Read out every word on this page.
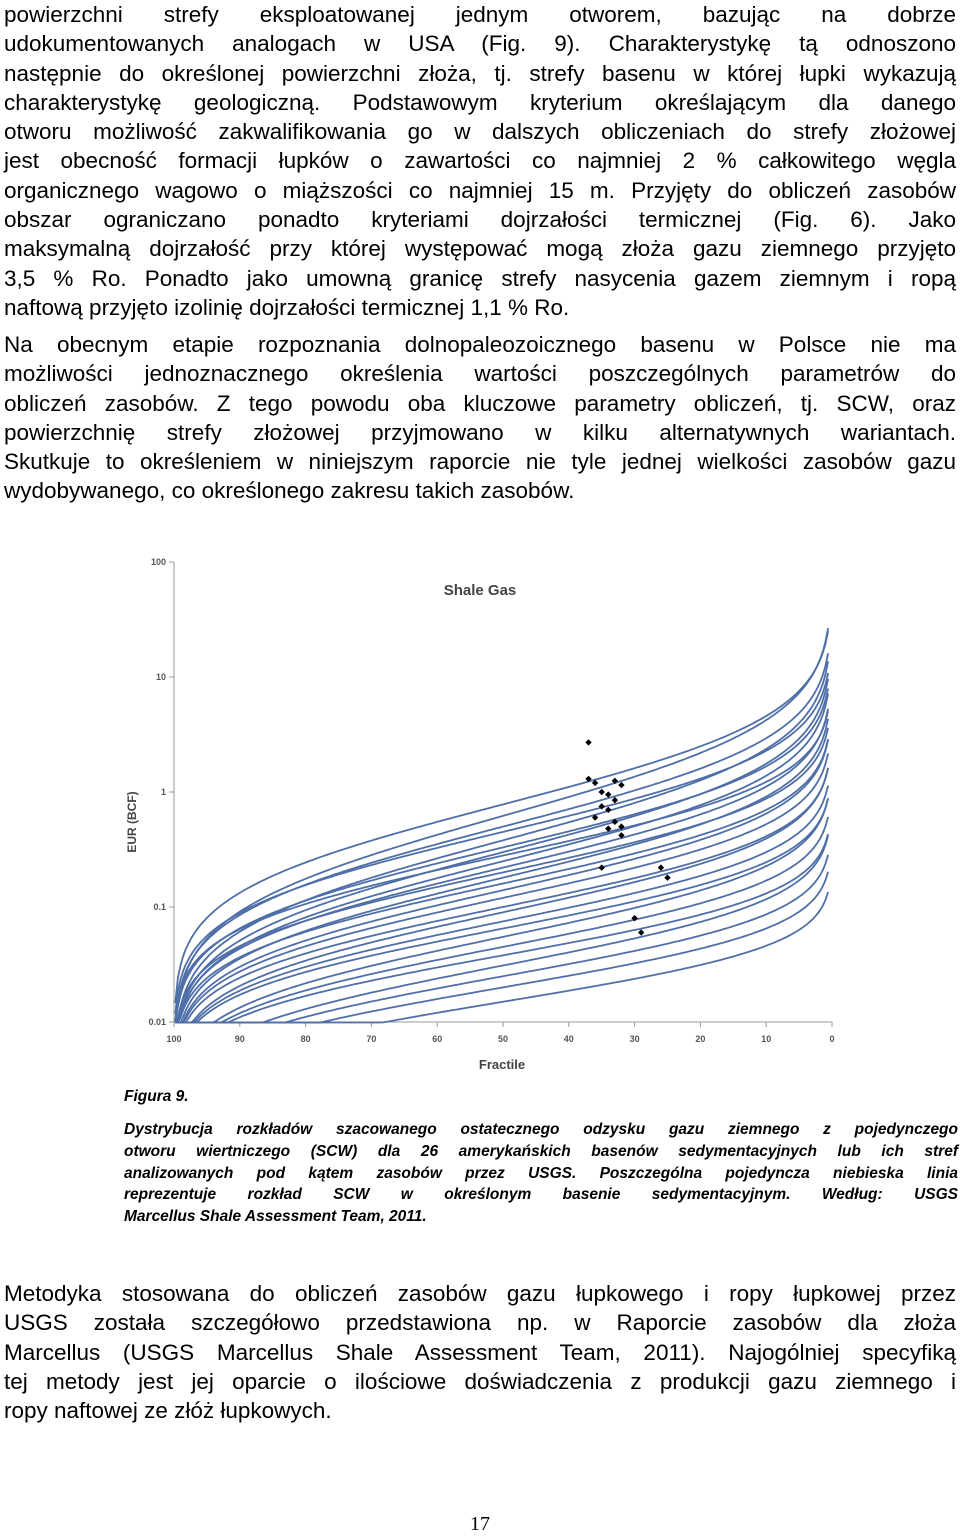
powierzchni strefy eksploatowanej jednym otworem, bazując na dobrze
udokumentowanych analogach w USA (Fig. 9). Charakterystykę tą odnoszono
następnie do określonej powierzchni złoża, tj. strefy basenu w której łupki wykazują
charakterystykę geologiczną. Podstawowym kryterium określającym dla danego
otworu możliwość zakwalifikowania go w dalszych obliczeniach do strefy złożowej
jest obecność formacji łupków o zawartości co najmniej 2 % całkowitego węgla
organicznego wagowo o miąższości co najmniej 15 m. Przyjęty do obliczeń zasobów
obszar ograniczano ponadto kryteriami dojrzałości termicznej (Fig. 6). Jako
maksymalną dojrzałość przy której występować mogą złoża gazu ziemnego przyjęto
3,5 % Ro. Ponadto jako umowną granicę strefy nasycenia gazem ziemnym i ropą
naftową przyjęto izolinię dojrzałości termicznej 1,1 % Ro.

Na obecnym etapie rozpoznania dolnopaleozoicznego basenu w Polsce nie ma
możliwości jednoznacznego określenia wartości poszczególnych parametrów do
obliczeń zasobów. Z tego powodu oba kluczowe parametry obliczeń, tj. SCW, oraz
powierzchnię strefy złożowej przyjmowano w kilku alternatywnych wariantach.
Skutkuje to określeniem w niniejszym raporcie nie tyle jednej wielkości zasobów gazu
wydobywanego, co określonego zakresu takich zasobów.

Shale Gas
Fractile
EUR (BCF)
100
10
1
0.1
0.01
100	90	80	70	60	50	40	30	20	10	0
Figura 9.
Dystrybucja rozkładów szacowanego ostatecznego odzysku gazu ziemnego z pojedynczego
otworu wiertniczego (SCW) dla 26 amerykańskich basenów sedymentacyjnych lub ich stref
analizowanych pod kątem zasobów przez USGS. Poszczególna pojedyncza niebieska linia
reprezentuje rozkład SCW w określonym basenie sedymentacyjnym. Według: USGS
Marcellus Shale Assessment Team, 2011.

Metodyka stosowana do obliczeń zasobów gazu łupkowego i ropy łupkowej przez
USGS została szczegółowo przedstawiona np. w Raporcie zasobów dla złoża
Marcellus (USGS Marcellus Shale Assessment Team, 2011). Najogólniej specyfiką
tej metody jest jej oparcie o ilościowe doświadczenia z produkcji gazu ziemnego i
ropy naftowej ze złóż łupkowych.

17
